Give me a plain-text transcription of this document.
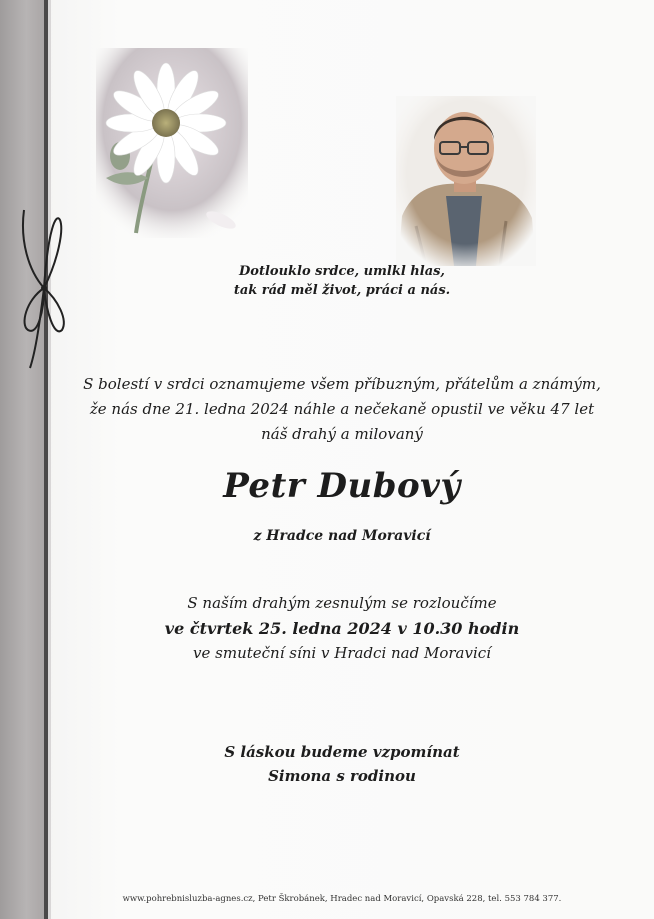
Dotlouklo srdce, umlkl hlas,
tak rád měl život, práci a nás.
S bolestí v srdci oznamujeme všem příbuzným, přátelům a známým,
že nás dne 21. ledna 2024 náhle a nečekaně opustil ve věku 47 let
náš drahý a milovaný
Petr Dubový
z Hradce nad Moravicí
S naším drahým zesnulým se rozloučíme
ve čtvrtek 25. ledna 2024 v 10.30 hodin
ve smuteční síni v Hradci nad Moravicí
S láskou budeme vzpomínat
Simona s rodinou
www.pohrebnisluzba-agnes.cz, Petr Škrobánek, Hradec nad Moravicí, Opavská 228, tel. 553 784 377.
